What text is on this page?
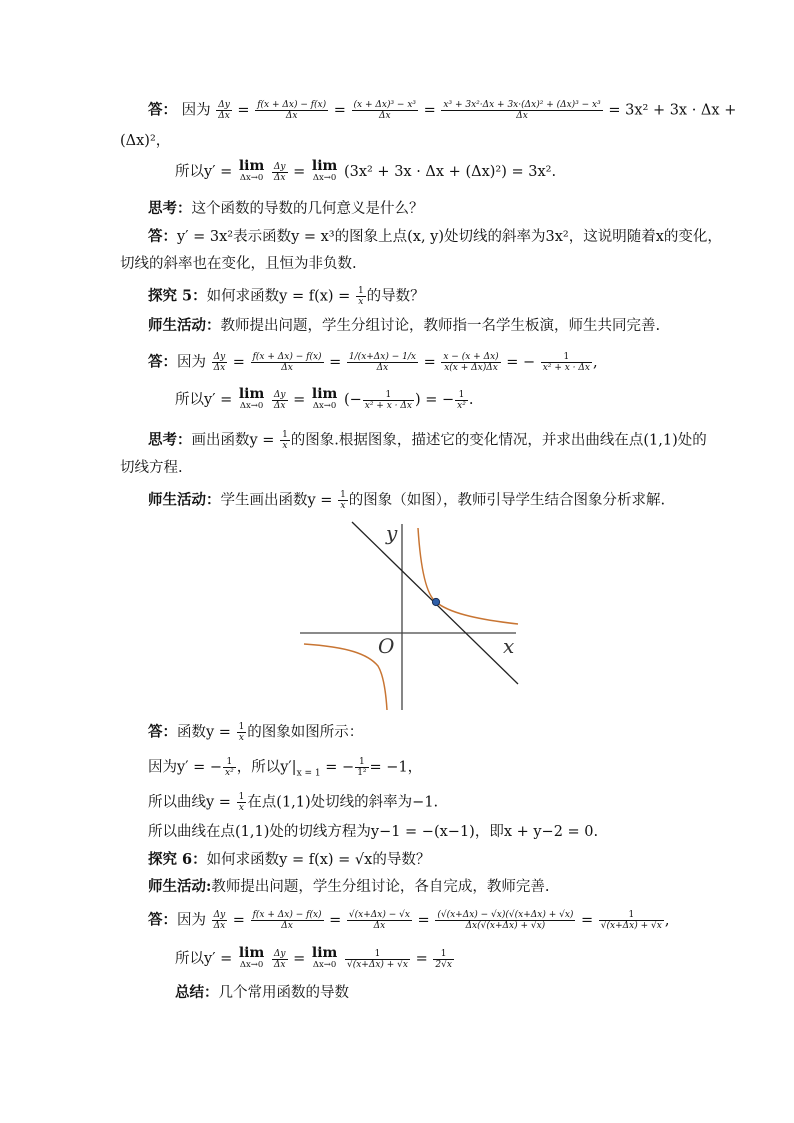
答： 因为 $\frac{\Delta y}{\Delta x} = \frac{f(x + \Delta x) - f(x)}{\Delta x} = \frac{\text{(x + Δx)³ − x³}}{\Delta x} = \frac{\text{x³ + 3x²·Δx + 3x·(Δx)² + (Δx)³ − x³}}{\Delta x} = 3x^2 + 3x \cdot \Delta x$ +
(Δx)²，
所以y′ = lim
Δx→0
$\frac{\Delta y}{\Delta x} = \lim$
Δx→0 (3x² + 3x · Δx + (Δx)²) = 3x².
思考：这个函数的导数的几何意义是什么？
答：y′ = 3x²表示函数y = x³的图象上点(x, y)处切线的斜率为3x²，这说明随着x的变化，
切线的斜率也在变化，且恒为非负数.
探究 5：如何求函数$y = f(x) = \frac{1}{x}$ 的导数？
师生活动：教师提出问题，学生分组讨论，教师指一名学生板演，师生共同完善.
答：因为 $\frac{\Delta y}{\Delta x} = \frac{f(x + \Delta x) - f(x)}{\Delta x} = \frac{1/(x+\Delta x) - 1/x}{\Delta x} = \frac{x - (x + \Delta x)}{x(x + \Delta x)\Delta x}$ = − $\frac{1}{\text{x² + x · Δx}}$ ,
所以y′ = lim
Δx→0
$\frac{\Delta y}{\Delta x} = \lim$
Δx→0 (− $\frac{1}{\text{x² + x · Δx}}$ ) = − $\frac{1}{\text{x²}}$ .
思考：画出函数$y = \frac{1}{x}$ 的图象.根据图象，描述它的变化情况，并求出曲线在点(1,1)处的
切线方程.
师生活动：学生画出函数$y = \frac{1}{x}$ 的图象（如图），教师引导学生结合图象分析求解.
y
x
O
答：函数$y = \frac{1}{x}$ 的图象如图所示：
因为y′ = − $\frac{1}{\text{x²}}$ ，所以$y'|_{x = 1}$ = − $\frac{1}{\text{1²}} = -1$，
所以曲线$y = \frac{1}{x}$ 在点(1,1)处切线的斜率为−1.
所以曲线在点(1,1)处的切线方程为y−1 = −(x−1)，即x + y−2 = 0.
探究 6：如何求函数y = f(x) = √x的导数？
师生活动:教师提出问题，学生分组讨论，各自完成，教师完善.
答：因为 $\frac{\Delta y}{\Delta x} = \frac{f(x + \Delta x) - f(x)}{\Delta x} = \frac{√(x+\Delta x) - √x}{\Delta x} = \frac{(√(x+\Delta x) - √x)(√(x+\Delta x) + √x)}{\Delta x(√(x+\Delta x) + √x)} = \frac{1}{√(x+\Delta x) + √x}$ ,
所以y′ = lim
Δx→0
$\frac{\Delta y}{\Delta x} = \lim$
Δx→0
$\frac{1}{√(x+\Delta x) + √x} = \frac{1}{2√x}$
总结：几个常用函数的导数
